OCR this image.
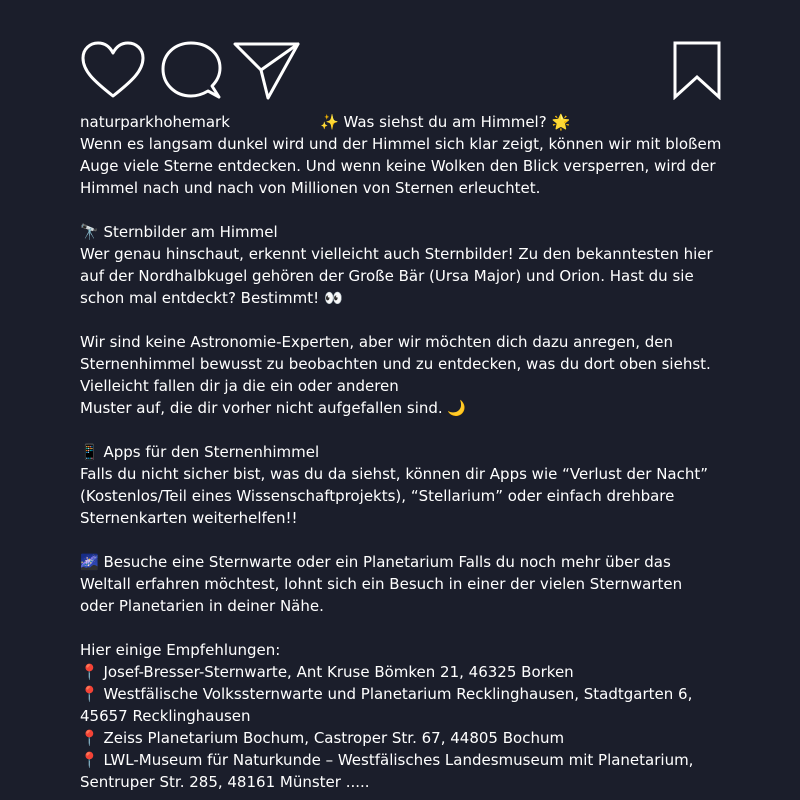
naturparkhohemark	✨ Was siehst du am Himmel? 🌟
Wenn es langsam dunkel wird und der Himmel sich klar zeigt, können wir mit bloßem
Auge viele Sterne entdecken. Und wenn keine Wolken den Blick versperren, wird der
Himmel nach und nach von Millionen von Sternen erleuchtet.
🔭 Sternbilder am Himmel
Wer genau hinschaut, erkennt vielleicht auch Sternbilder! Zu den bekanntesten hier
auf der Nordhalbkugel gehören der Große Bär (Ursa Major) und Orion. Hast du sie
schon mal entdeckt? Bestimmt! 👀
Wir sind keine Astronomie-Experten, aber wir möchten dich dazu anregen, den
Sternenhimmel bewusst zu beobachten und zu entdecken, was du dort oben siehst.
Vielleicht fallen dir ja die ein oder anderen
Muster auf, die dir vorher nicht aufgefallen sind. 🌙
📱 Apps für den Sternenhimmel
Falls du nicht sicher bist, was du da siehst, können dir Apps wie “Verlust der Nacht”
(Kostenlos/Teil eines Wissenschaftprojekts), “Stellarium” oder einfach drehbare
Sternenkarten weiterhelfen!!
🌌 Besuche eine Sternwarte oder ein Planetarium Falls du noch mehr über das
Weltall erfahren möchtest, lohnt sich ein Besuch in einer der vielen Sternwarten
oder Planetarien in deiner Nähe.
Hier einige Empfehlungen:
📍 Josef-Bresser-Sternwarte, Ant Kruse Bömken 21, 46325 Borken
📍 Westfälische Volkssternwarte und Planetarium Recklinghausen, Stadtgarten 6,
45657 Recklinghausen
📍 Zeiss Planetarium Bochum, Castroper Str. 67, 44805 Bochum
📍 LWL-Museum für Naturkunde – Westfälisches Landesmuseum mit Planetarium,
Sentruper Str. 285, 48161 Münster .....
